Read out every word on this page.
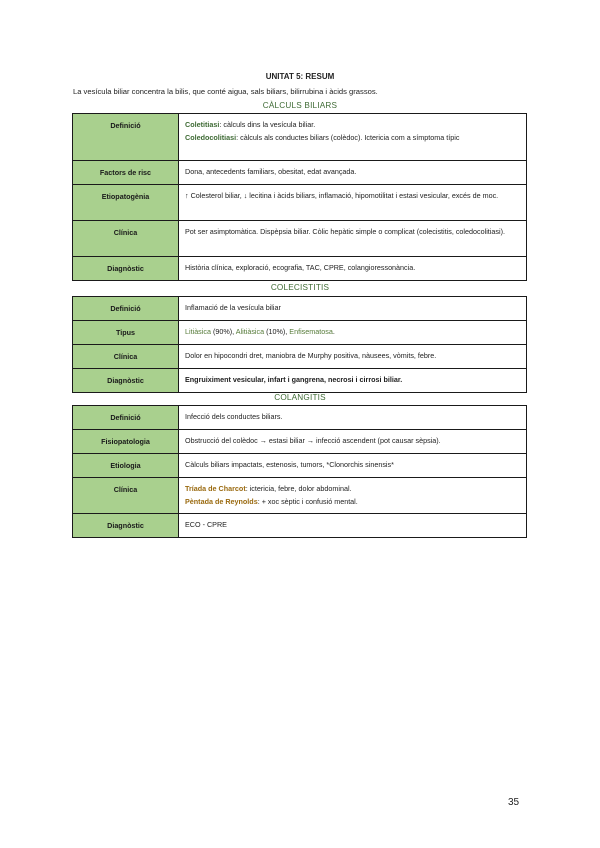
UNITAT 5: RESUM
La vesícula biliar concentra la bilis, que conté aigua, sals biliars, bilirrubina i àcids grassos.
CÀLCULS BILIARS
Definició	Coletitiasi: càlculs dins la vesícula biliar.
Coledocolitiasi: càlculs als conductes biliars (colèdoc). Ictericia com a símptoma típic

Factors de risc	Dona, antecedents familiars, obesitat, edat avançada.
Etiopatogènia	↑ Colesterol biliar, ↓ lecitina i àcids biliars, inflamació, hipomotilitat i estasi vesicular, excés de moc.
Clínica	Pot ser asimptomàtica. Dispèpsia biliar. Còlic hepàtic simple o complicat (colecistitis, coledocolitiasi).
Diagnòstic	Història clínica, exploració, ecografia, TAC, CPRE, colangioressonància.
COLECISTITIS
Definició	Inflamació de la vesícula biliar
Tipus	Litiàsica (90%), Alitiàsica (10%), Enfisematosa.
Clínica	Dolor en hipocondri dret, maniobra de Murphy positiva, nàusees, vòmits, febre.
Diagnòstic	Engruiximent vesicular, infart i gangrena, necrosi i cirrosi biliar.
COLANGITIS
Definició	Infecció dels conductes biliars.
Fisiopatologia	Obstrucció del colèdoc → estasi biliar → infecció ascendent (pot causar sèpsia).
Etiologia	Càlculs biliars impactats, estenosis, tumors, *Clonorchis sinensis*
Clínica	Tríada de Charcot: ictericia, febre, dolor abdominal.
Pèntada de Reynolds: + xoc sèptic i confusió mental.

Diagnòstic	ECO - CPRE
35
